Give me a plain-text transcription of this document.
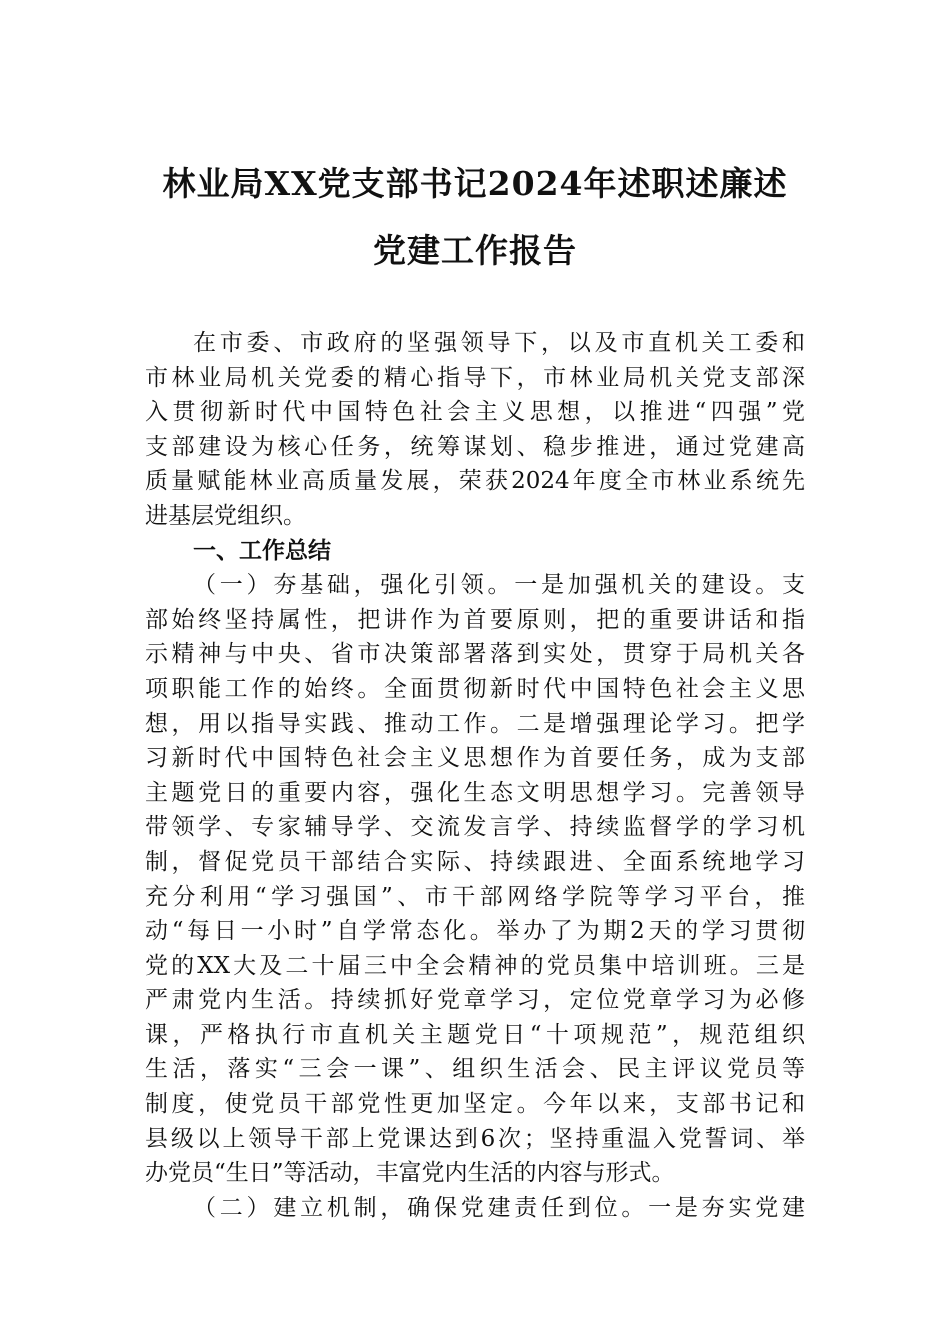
林业局XX党支部书记2024年述职述廉述
党建工作报告
在市委、市政府的坚强领导下，以及市直机关工委和
市林业局机关党委的精心指导下，市林业局机关党支部深
入贯彻新时代中国特色社会主义思想，以推进“四强”党
支部建设为核心任务，统筹谋划、稳步推进，通过党建高
质量赋能林业高质量发展，荣获2024年度全市林业系统先
进基层党组织。
一、工作总结
（一）夯基础，强化引领。一是加强机关的建设。支
部始终坚持属性，把讲作为首要原则，把的重要讲话和指
示精神与中央、省市决策部署落到实处，贯穿于局机关各
项职能工作的始终。全面贯彻新时代中国特色社会主义思
想，用以指导实践、推动工作。二是增强理论学习。把学
习新时代中国特色社会主义思想作为首要任务，成为支部
主题党日的重要内容，强化生态文明思想学习。完善领导
带领学、专家辅导学、交流发言学、持续监督学的学习机
制，督促党员干部结合实际、持续跟进、全面系统地学习
充分利用“学习强国”、市干部网络学院等学习平台，推
动“每日一小时”自学常态化。举办了为期2天的学习贯彻
党的XX大及二十届三中全会精神的党员集中培训班。三是
严肃党内生活。持续抓好党章学习，定位党章学习为必修
课，严格执行市直机关主题党日“十项规范”，规范组织
生活，落实“三会一课”、组织生活会、民主评议党员等
制度，使党员干部党性更加坚定。今年以来，支部书记和
县级以上领导干部上党课达到6次；坚持重温入党誓词、举
办党员“生日”等活动，丰富党内生活的内容与形式。
（二）建立机制，确保党建责任到位。一是夯实党建
